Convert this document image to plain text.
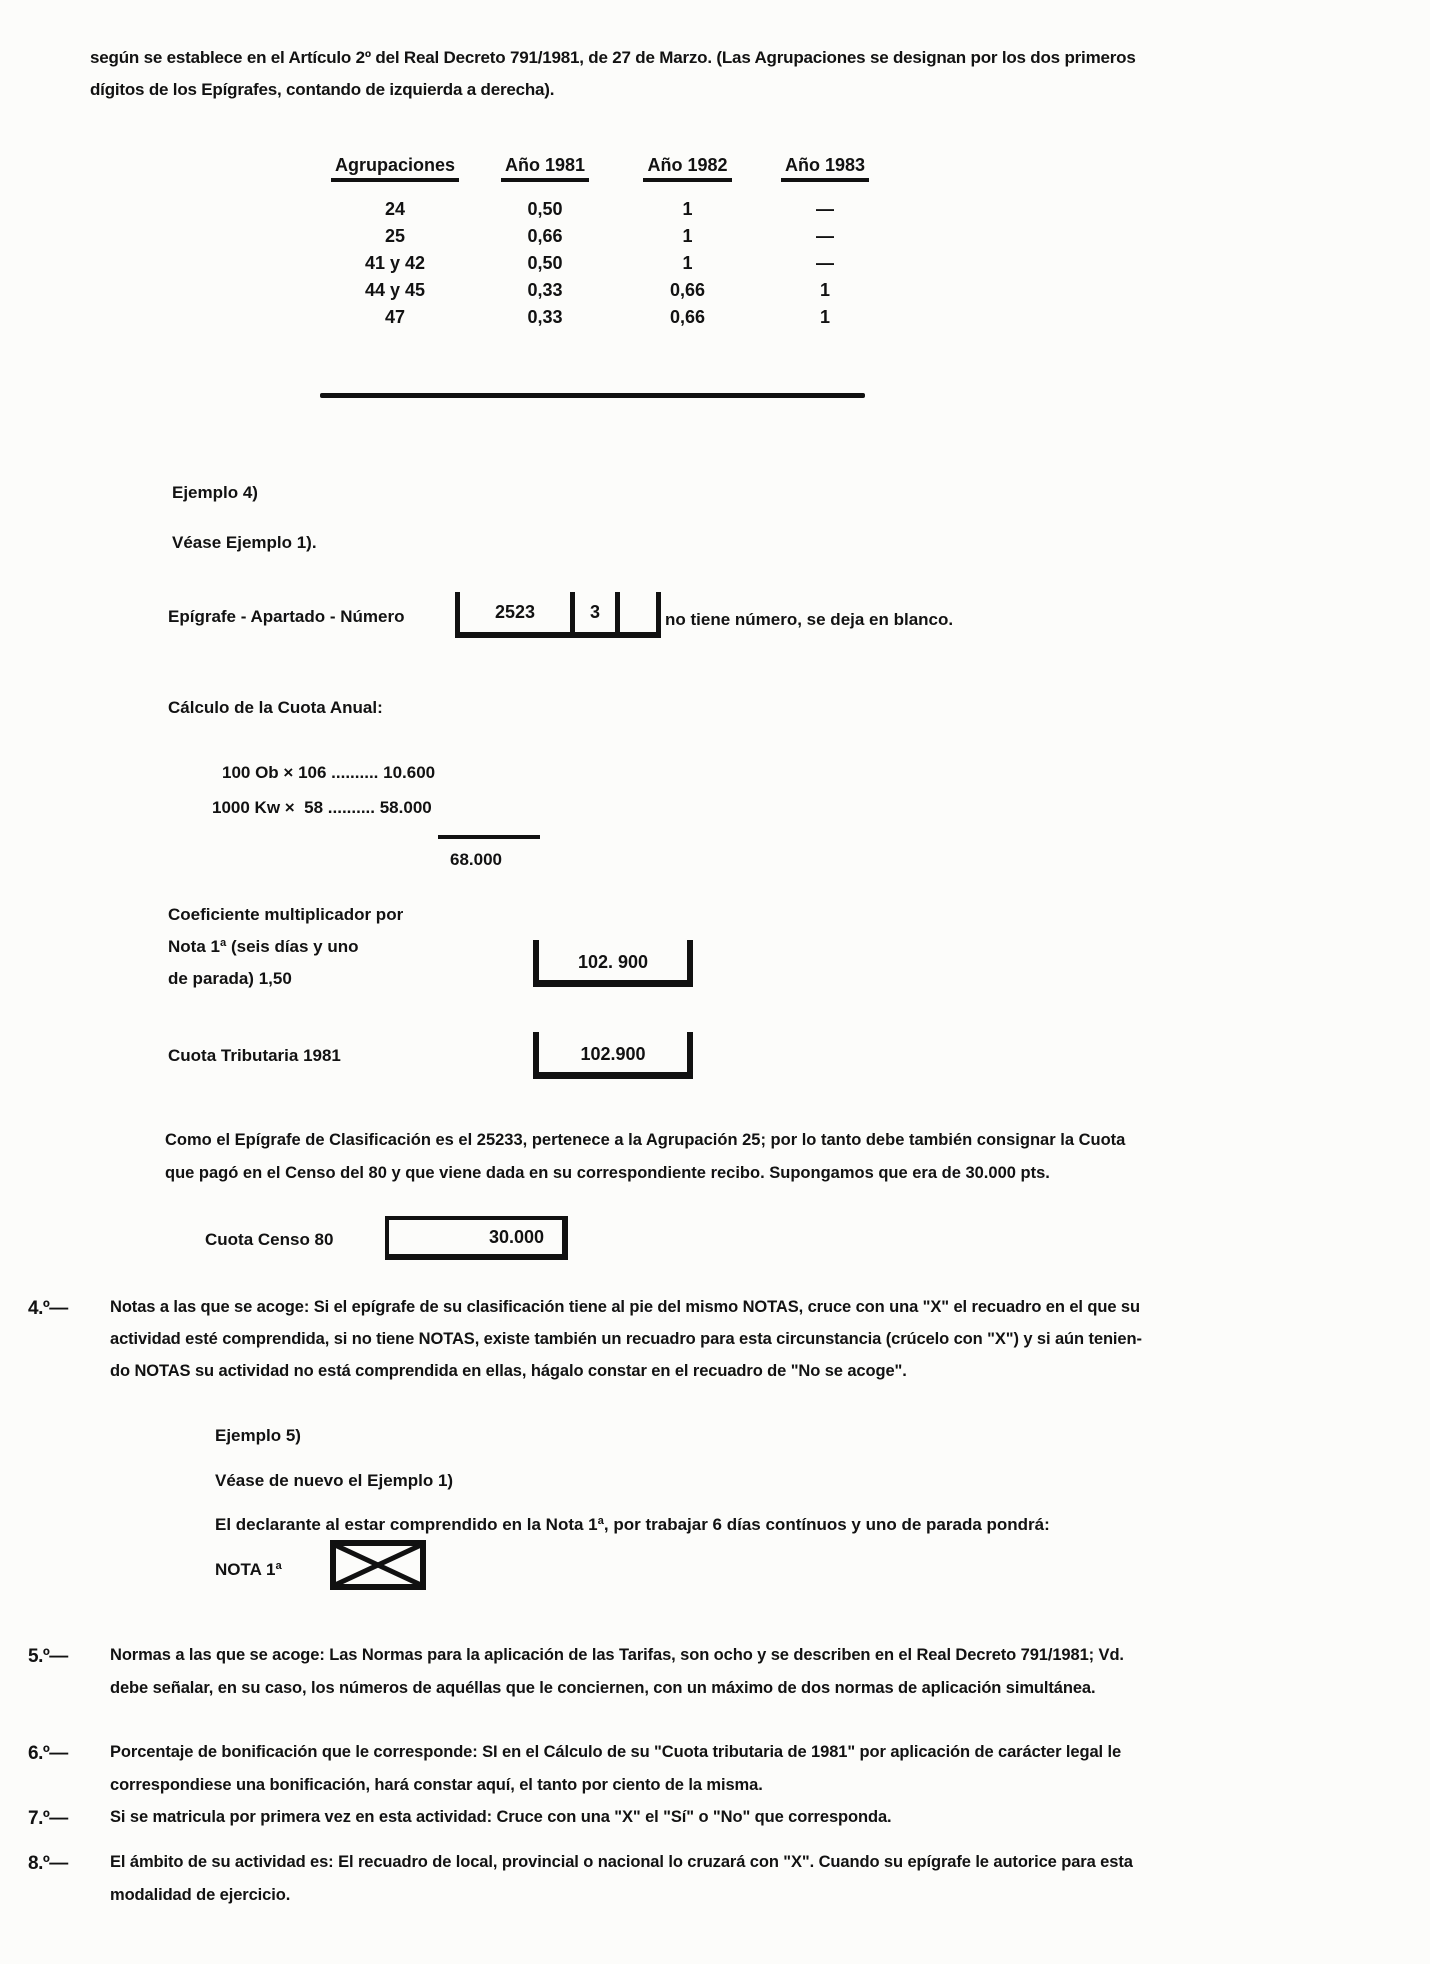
según se establece en el Artículo 2º del Real Decreto 791/1981, de 27 de Marzo. (Las Agrupaciones se designan por los dos primeros
dígitos de los Epígrafes, contando de izquierda a derecha).
Agrupaciones	Año 1981	Año 1982	Año 1983
24	0,50	1	—
25	0,66	1	—
41 y 42	0,50	1	—
44 y 45	0,33	0,66	1
47	0,33	0,66	1
Ejemplo 4)
Véase Ejemplo 1).
Epígrafe - Apartado - Número	2523	3	no tiene número, se deja en blanco.
Cálculo de la Cuota Anual:
100 Ob × 106 .......... 10.600
1000 Kw ×  58 .......... 58.000
68.000
Coeficiente multiplicador por
Nota 1ª (seis días y uno
de parada) 1,50
102. 900
Cuota Tributaria 1981	102.900
Como el Epígrafe de Clasificación es el 25233, pertenece a la Agrupación 25; por lo tanto debe también consignar la Cuota
que pagó en el Censo del 80 y que viene dada en su correspondiente recibo. Supongamos que era de 30.000 pts.
Cuota Censo 80	30.000
4.º—	Notas a las que se acoge: Si el epígrafe de su clasificación tiene al pie del mismo NOTAS, cruce con una "X" el recuadro en el que su
actividad esté comprendida, si no tiene NOTAS, existe también un recuadro para esta circunstancia (crúcelo con "X") y si aún tenien-
do NOTAS su actividad no está comprendida en ellas, hágalo constar en el recuadro de "No se acoge".
Ejemplo 5)
Véase de nuevo el Ejemplo 1)
El declarante al estar comprendido en la Nota 1ª, por trabajar 6 días contínuos y uno de parada pondrá:
NOTA 1ª
5.º—	Normas a las que se acoge: Las Normas para la aplicación de las Tarifas, son ocho y se describen en el Real Decreto 791/1981; Vd.
debe señalar, en su caso, los números de aquéllas que le conciernen, con un máximo de dos normas de aplicación simultánea.
6.º—	Porcentaje de bonificación que le corresponde: SI en el Cálculo de su "Cuota tributaria de 1981" por aplicación de carácter legal le
correspondiese una bonificación, hará constar aquí, el tanto por ciento de la misma.
7.º—	Si se matricula por primera vez en esta actividad: Cruce con una "X" el "Sí" o "No" que corresponda.
8.º—	El ámbito de su actividad es: El recuadro de local, provincial o nacional lo cruzará con "X". Cuando su epígrafe le autorice para esta
modalidad de ejercicio.
